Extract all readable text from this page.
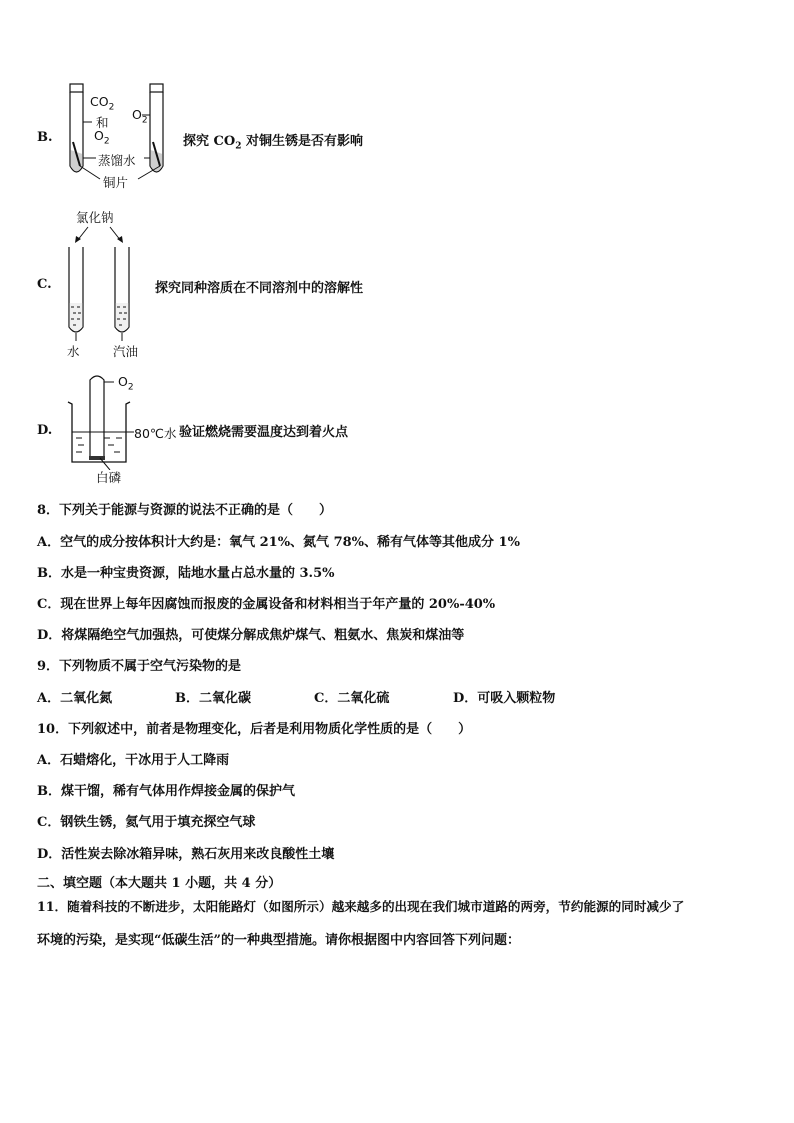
B.
$CO_2$
和
$O_2$
$O_2$
蒸馏水
铜片
探究 $CO_2$ 对铜生锈是否有影响
C.
氯化钠
水	汽油
探究同种溶质在不同溶剂中的溶解性
D.
$O_2$
80℃水
白磷
验证燃烧需要温度达到着火点
8．下列关于能源与资源的说法不正确的是（　　）
A．空气的成分按体积计大约是：氧气 21%、氮气 78%、稀有气体等其他成分 1%
B．水是一种宝贵资源，陆地水量占总水量的 3.5%
C．现在世界上每年因腐蚀而报废的金属设备和材料相当于年产量的 20%-40%
D．将煤隔绝空气加强热，可使煤分解成焦炉煤气、粗氨水、焦炭和煤油等
9．下列物质不属于空气污染物的是
A．二氧化氮	B．二氧化碳	C．二氧化硫	D．可吸入颗粒物
10．下列叙述中，前者是物理变化，后者是利用物质化学性质的是（　　）
A．石蜡熔化，干冰用于人工降雨
B．煤干馏，稀有气体用作焊接金属的保护气
C．钢铁生锈，氦气用于填充探空气球
D．活性炭去除冰箱异味，熟石灰用来改良酸性土壤
二、填空题（本大题共 1 小题，共 4 分）
11．随着科技的不断进步，太阳能路灯（如图所示）越来越多的出现在我们城市道路的两旁，节约能源的同时减少了
环境的污染，是实现“低碳生活”的一种典型措施。请你根据图中内容回答下列问题：
